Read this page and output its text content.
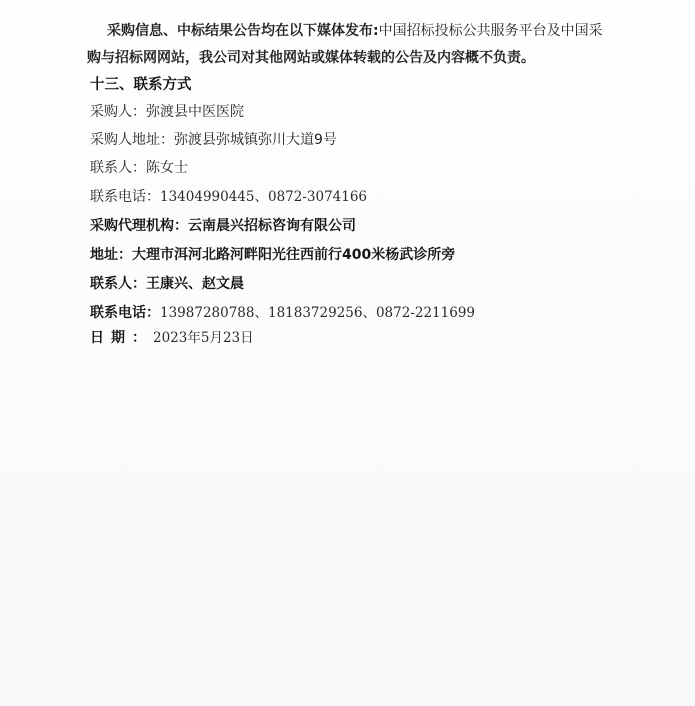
采购信息、中标结果公告均在以下媒体发布:中国招标投标公共服务平台及中国采
购与招标网网站，我公司对其他网站或媒体转载的公告及内容概不负责。
十三、联系方式
采购人：弥渡县中医医院
采购人地址：弥渡县弥城镇弥川大道9号
联系人：陈女士
联系电话：13404990445、0872-3074166
采购代理机构：云南晨兴招标咨询有限公司
地址：大理市洱河北路河畔阳光往西前行400米杨武诊所旁
联系人：王康兴、赵文晨
联系电话：13987280788、18183729256、0872-2211699
日期：2023年5月23日
